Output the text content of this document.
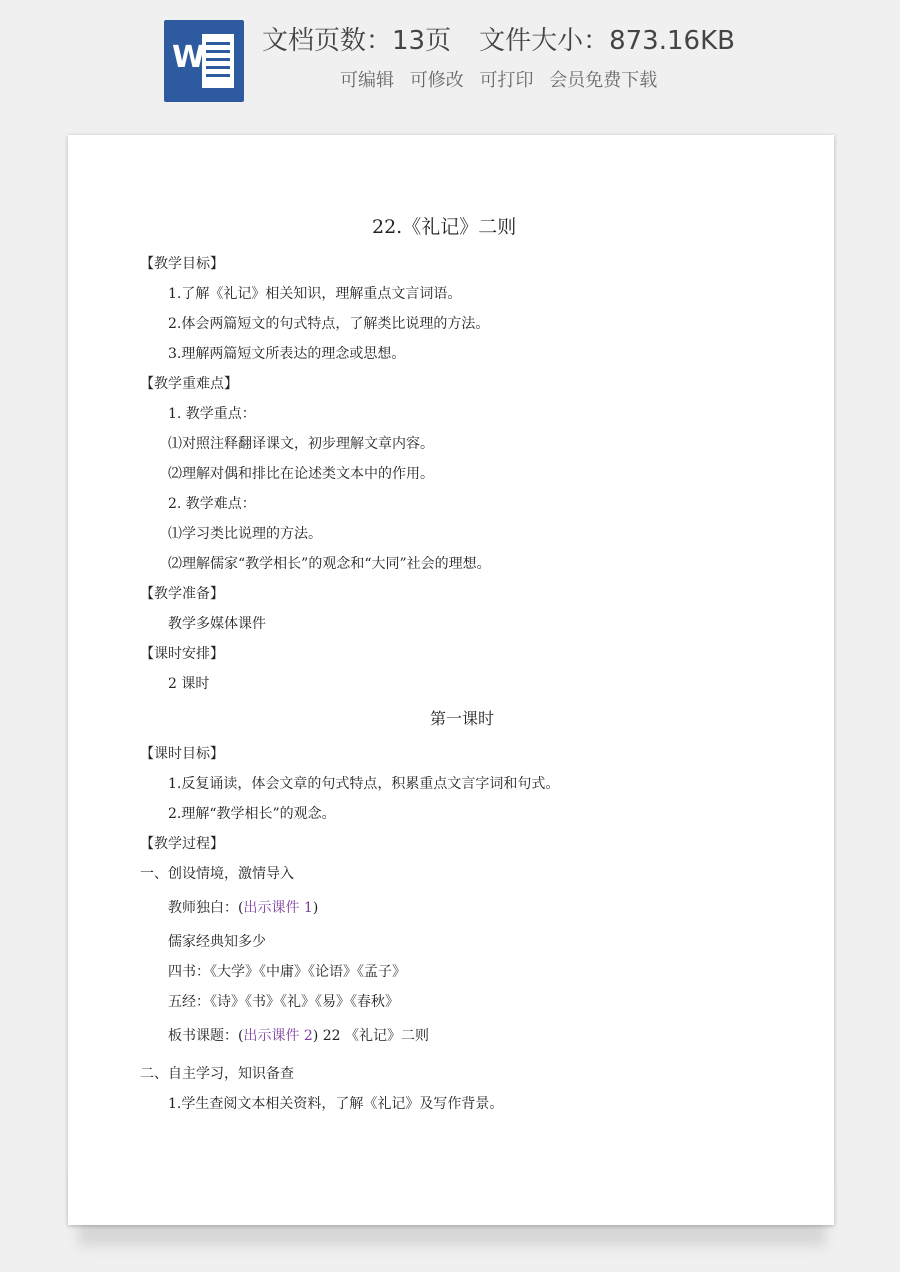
W 文档页数：13页 文件大小：873.16KB
可编辑 可修改 可打印 会员免费下载
22.《礼记》二则
【教学目标】
1.了解《礼记》相关知识，理解重点文言词语。
2.体会两篇短文的句式特点，了解类比说理的方法。
3.理解两篇短文所表达的理念或思想。
【教学重难点】
1. 教学重点：
⑴对照注释翻译课文，初步理解文章内容。
⑵理解对偶和排比在论述类文本中的作用。
2. 教学难点：
⑴学习类比说理的方法。
⑵理解儒家“教学相长”的观念和“大同”社会的理想。
【教学准备】
教学多媒体课件
【课时安排】
2 课时
第一课时
【课时目标】
1.反复诵读，体会文章的句式特点，积累重点文言字词和句式。
2.理解“教学相长”的观念。
【教学过程】
一、创设情境，激情导入
教师独白：(出示课件 1)
儒家经典知多少
四书：《大学》《中庸》《论语》《孟子》
五经：《诗》《书》《礼》《易》《春秋》
板书课题：(出示课件 2) 22 《礼记》二则
二、自主学习，知识备查
1.学生查阅文本相关资料，了解《礼记》及写作背景。
